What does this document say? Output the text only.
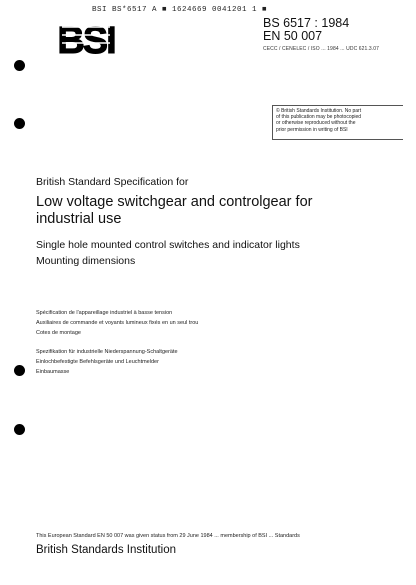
BSI BS*6517 A ■ 1624669 0041201 1 ■
BSI	BS 6517 : 1984
EN 50 007
CECC / CENELEC / ISO ... 1984 ... UDC 621.3.07
© British Standards Institution. No part
of this publication may be photocopied
or otherwise reproduced without the
prior permission in writing of BSI
British Standard Specification for
Low voltage switchgear and controlgear for
industrial use
Single hole mounted control switches and indicator lights
Mounting dimensions
Spécification de l'appareillage industriel à basse tension
Auxiliaires de commande et voyants lumineux fixés en un seul trou
Cotes de montage
Spezifikation für industrielle Niederspannung-Schaltgeräte
Einlochbefestigte Befehlsgeräte und Leuchtmelder
Einbaumasse
This European Standard EN 50 007 was given status from 29 June 1984 ... membership of BSI ... Standards
British Standards Institution
